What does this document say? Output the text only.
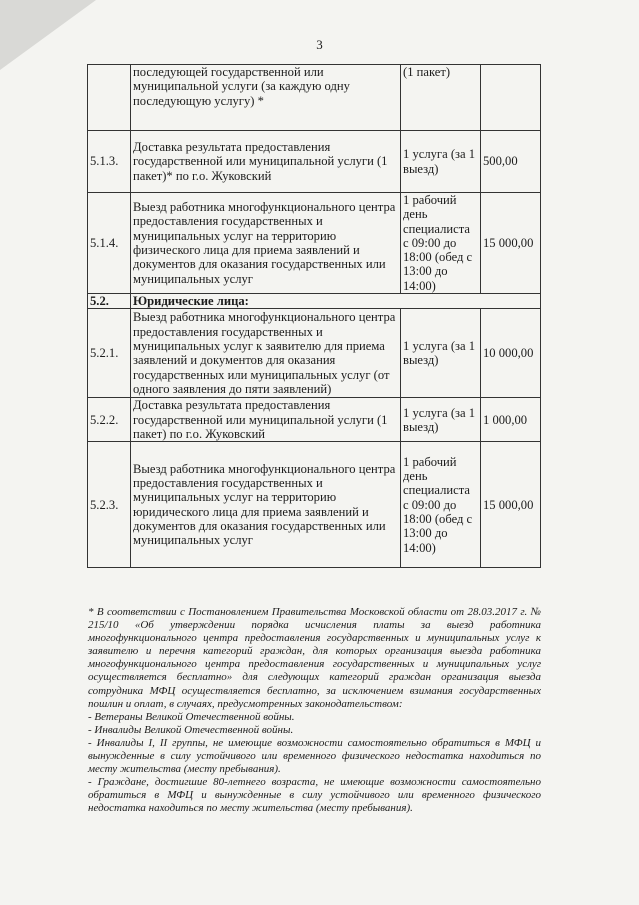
3
	последующей государственной или муниципальной услуги (за каждую одну последующую услугу) *	(1 пакет)	
5.1.3.	Доставка результата предоставления государственной или муниципальной услуги (1 пакет)* по г.о. Жуковский	1 услуга (за 1 выезд)	500,00
5.1.4.	Выезд работника многофункционального центра предоставления государственных и муниципальных услуг на территорию физического лица для приема заявлений и документов для оказания государственных или муниципальных услуг	1 рабочий день специалиста с 09:00 до 18:00 (обед с 13:00 до 14:00)	15 000,00
5.2.	Юридические лица:		
5.2.1.	Выезд работника многофункционального центра предоставления государственных и муниципальных услуг к заявителю для приема заявлений и документов для оказания государственных или муниципальных услуг (от одного заявления до пяти заявлений)	1 услуга (за 1 выезд)	10 000,00
5.2.2.	Доставка результата предоставления государственной или муниципальной услуги (1 пакет) по г.о. Жуковский	1 услуга (за 1 выезд)	1 000,00
5.2.3.	Выезд работника многофункционального центра предоставления государственных и муниципальных услуг на территорию юридического лица для приема заявлений и документов для оказания государственных или муниципальных услуг	1 рабочий день специалиста с 09:00 до 18:00 (обед с 13:00 до 14:00)	15 000,00

* В соответствии с Постановлением Правительства Московской области от 28.03.2017 г. № 215/10 «Об утверждении порядка исчисления платы за выезд работника многофункционального центра предоставления государственных и муниципальных услуг к заявителю и перечня категорий граждан, для которых организация выезда работника многофункционального центра предоставления государственных и муниципальных услуг осуществляется бесплатно» для следующих категорий граждан организация выезда сотрудника МФЦ осуществляется бесплатно, за исключением взимания государственных пошлин и оплат, в случаях, предусмотренных законодательством:

- Ветераны Великой Отечественной войны.

- Инвалиды Великой Отечественной войны.

- Инвалиды I, II группы, не имеющие возможности самостоятельно обратиться в МФЦ и вынужденные в силу устойчивого или временного физического недостатка находиться по месту жительства (месту пребывания).

- Граждане, достигшие 80-летнего возраста, не имеющие возможности самостоятельно обратиться в МФЦ и вынужденные в силу устойчивого или временного физического недостатка находиться по месту жительства (месту пребывания).
